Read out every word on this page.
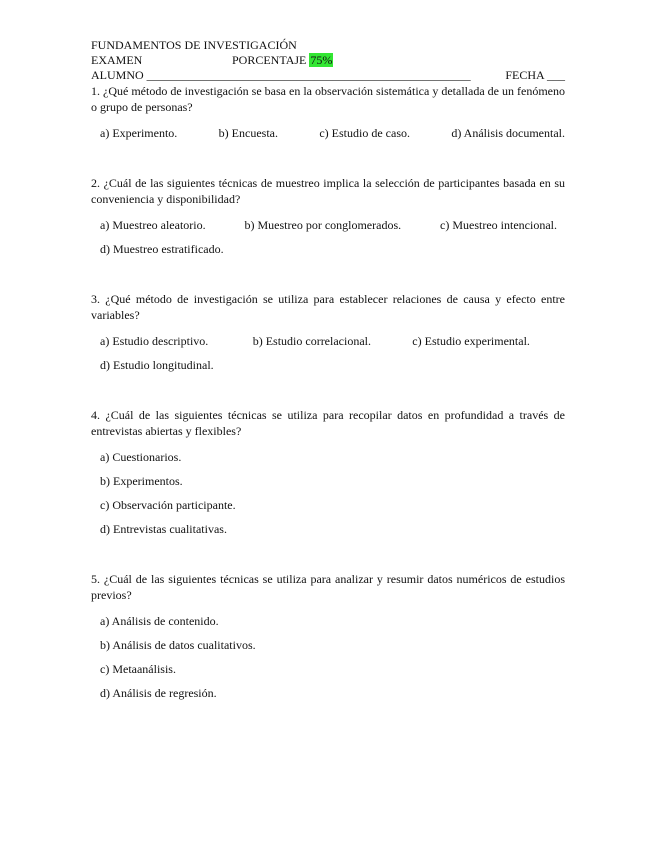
FUNDAMENTOS DE INVESTIGACIÓN
EXAMEN	PORCENTAJE 75%
ALUMNO ______________________________________________________	FECHA ___
1. ¿Qué método de investigación se basa en la observación sistemática y detallada de un fenómeno o grupo de personas?
a) Experimento.	b) Encuesta.	c) Estudio de caso.	d) Análisis documental.
2. ¿Cuál de las siguientes técnicas de muestreo implica la selección de participantes basada en su conveniencia y disponibilidad?
a) Muestreo aleatorio.	b) Muestreo por conglomerados.	c) Muestreo intencional.
d) Muestreo estratificado.
3. ¿Qué método de investigación se utiliza para establecer relaciones de causa y efecto entre variables?
a) Estudio descriptivo.	b) Estudio correlacional.	c) Estudio experimental.
d) Estudio longitudinal.
4. ¿Cuál de las siguientes técnicas se utiliza para recopilar datos en profundidad a través de entrevistas abiertas y flexibles?
a) Cuestionarios.
b) Experimentos.
c) Observación participante.
d) Entrevistas cualitativas.
5. ¿Cuál de las siguientes técnicas se utiliza para analizar y resumir datos numéricos de estudios previos?
a) Análisis de contenido.
b) Análisis de datos cualitativos.
c) Metaanálisis.
d) Análisis de regresión.
